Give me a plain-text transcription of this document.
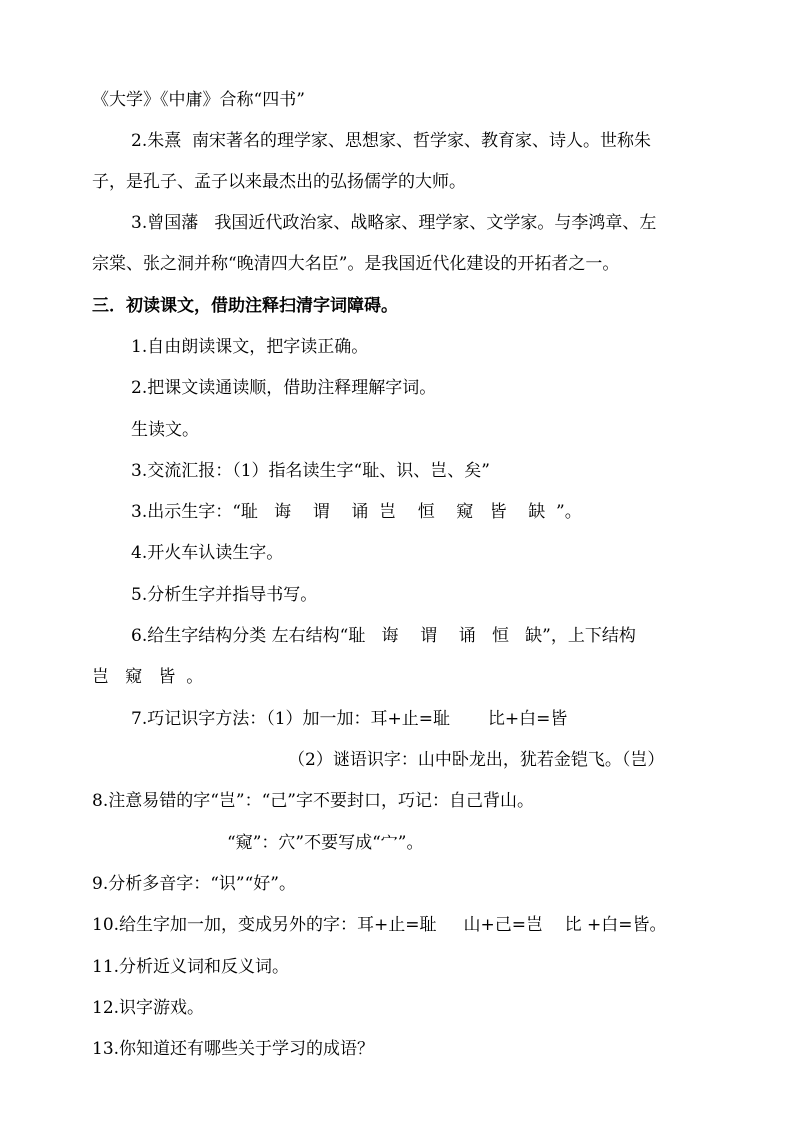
《大学》《中庸》合称“四书”
2.朱熹  南宋著名的理学家、思想家、哲学家、教育家、诗人。世称朱
子，是孔子、孟子以来最杰出的弘扬儒学的大师。
3.曾国藩   我国近代政治家、战略家、理学家、文学家。与李鸿章、左
宗棠、张之洞并称“晚清四大名臣”。是我国近代化建设的开拓者之一。
三．初读课文，借助注释扫清字词障碍。
1.自由朗读课文，把字读正确。
2.把课文读通读顺，借助注释理解字词。
生读文。
3.交流汇报：（1）指名读生字“耻、识、岂、矣”
3.出示生字：“耻   诲    谓    诵  岂    恒    窥   皆    缺  ”。
4.开火车认读生字。
5.分析生字并指导书写。
6.给生字结构分类 左右结构“耻   诲    谓    诵   恒   缺”，上下结构
岂   窥   皆  。
7.巧记识字方法：（1）加一加：耳+止=耻       比+白=皆
（2）谜语识字：山中卧龙出，犹若金铠飞。（岂）
8.注意易错的字“岂”：“己”字不要封口，巧记：自己背山。
“窥”：穴”不要写成“宀”。
9.分析多音字：“识”“好”。
10.给生字加一加，变成另外的字：耳+止=耻     山+己=岂    比 +白=皆。
11.分析近义词和反义词。
12.识字游戏。
13.你知道还有哪些关于学习的成语？
